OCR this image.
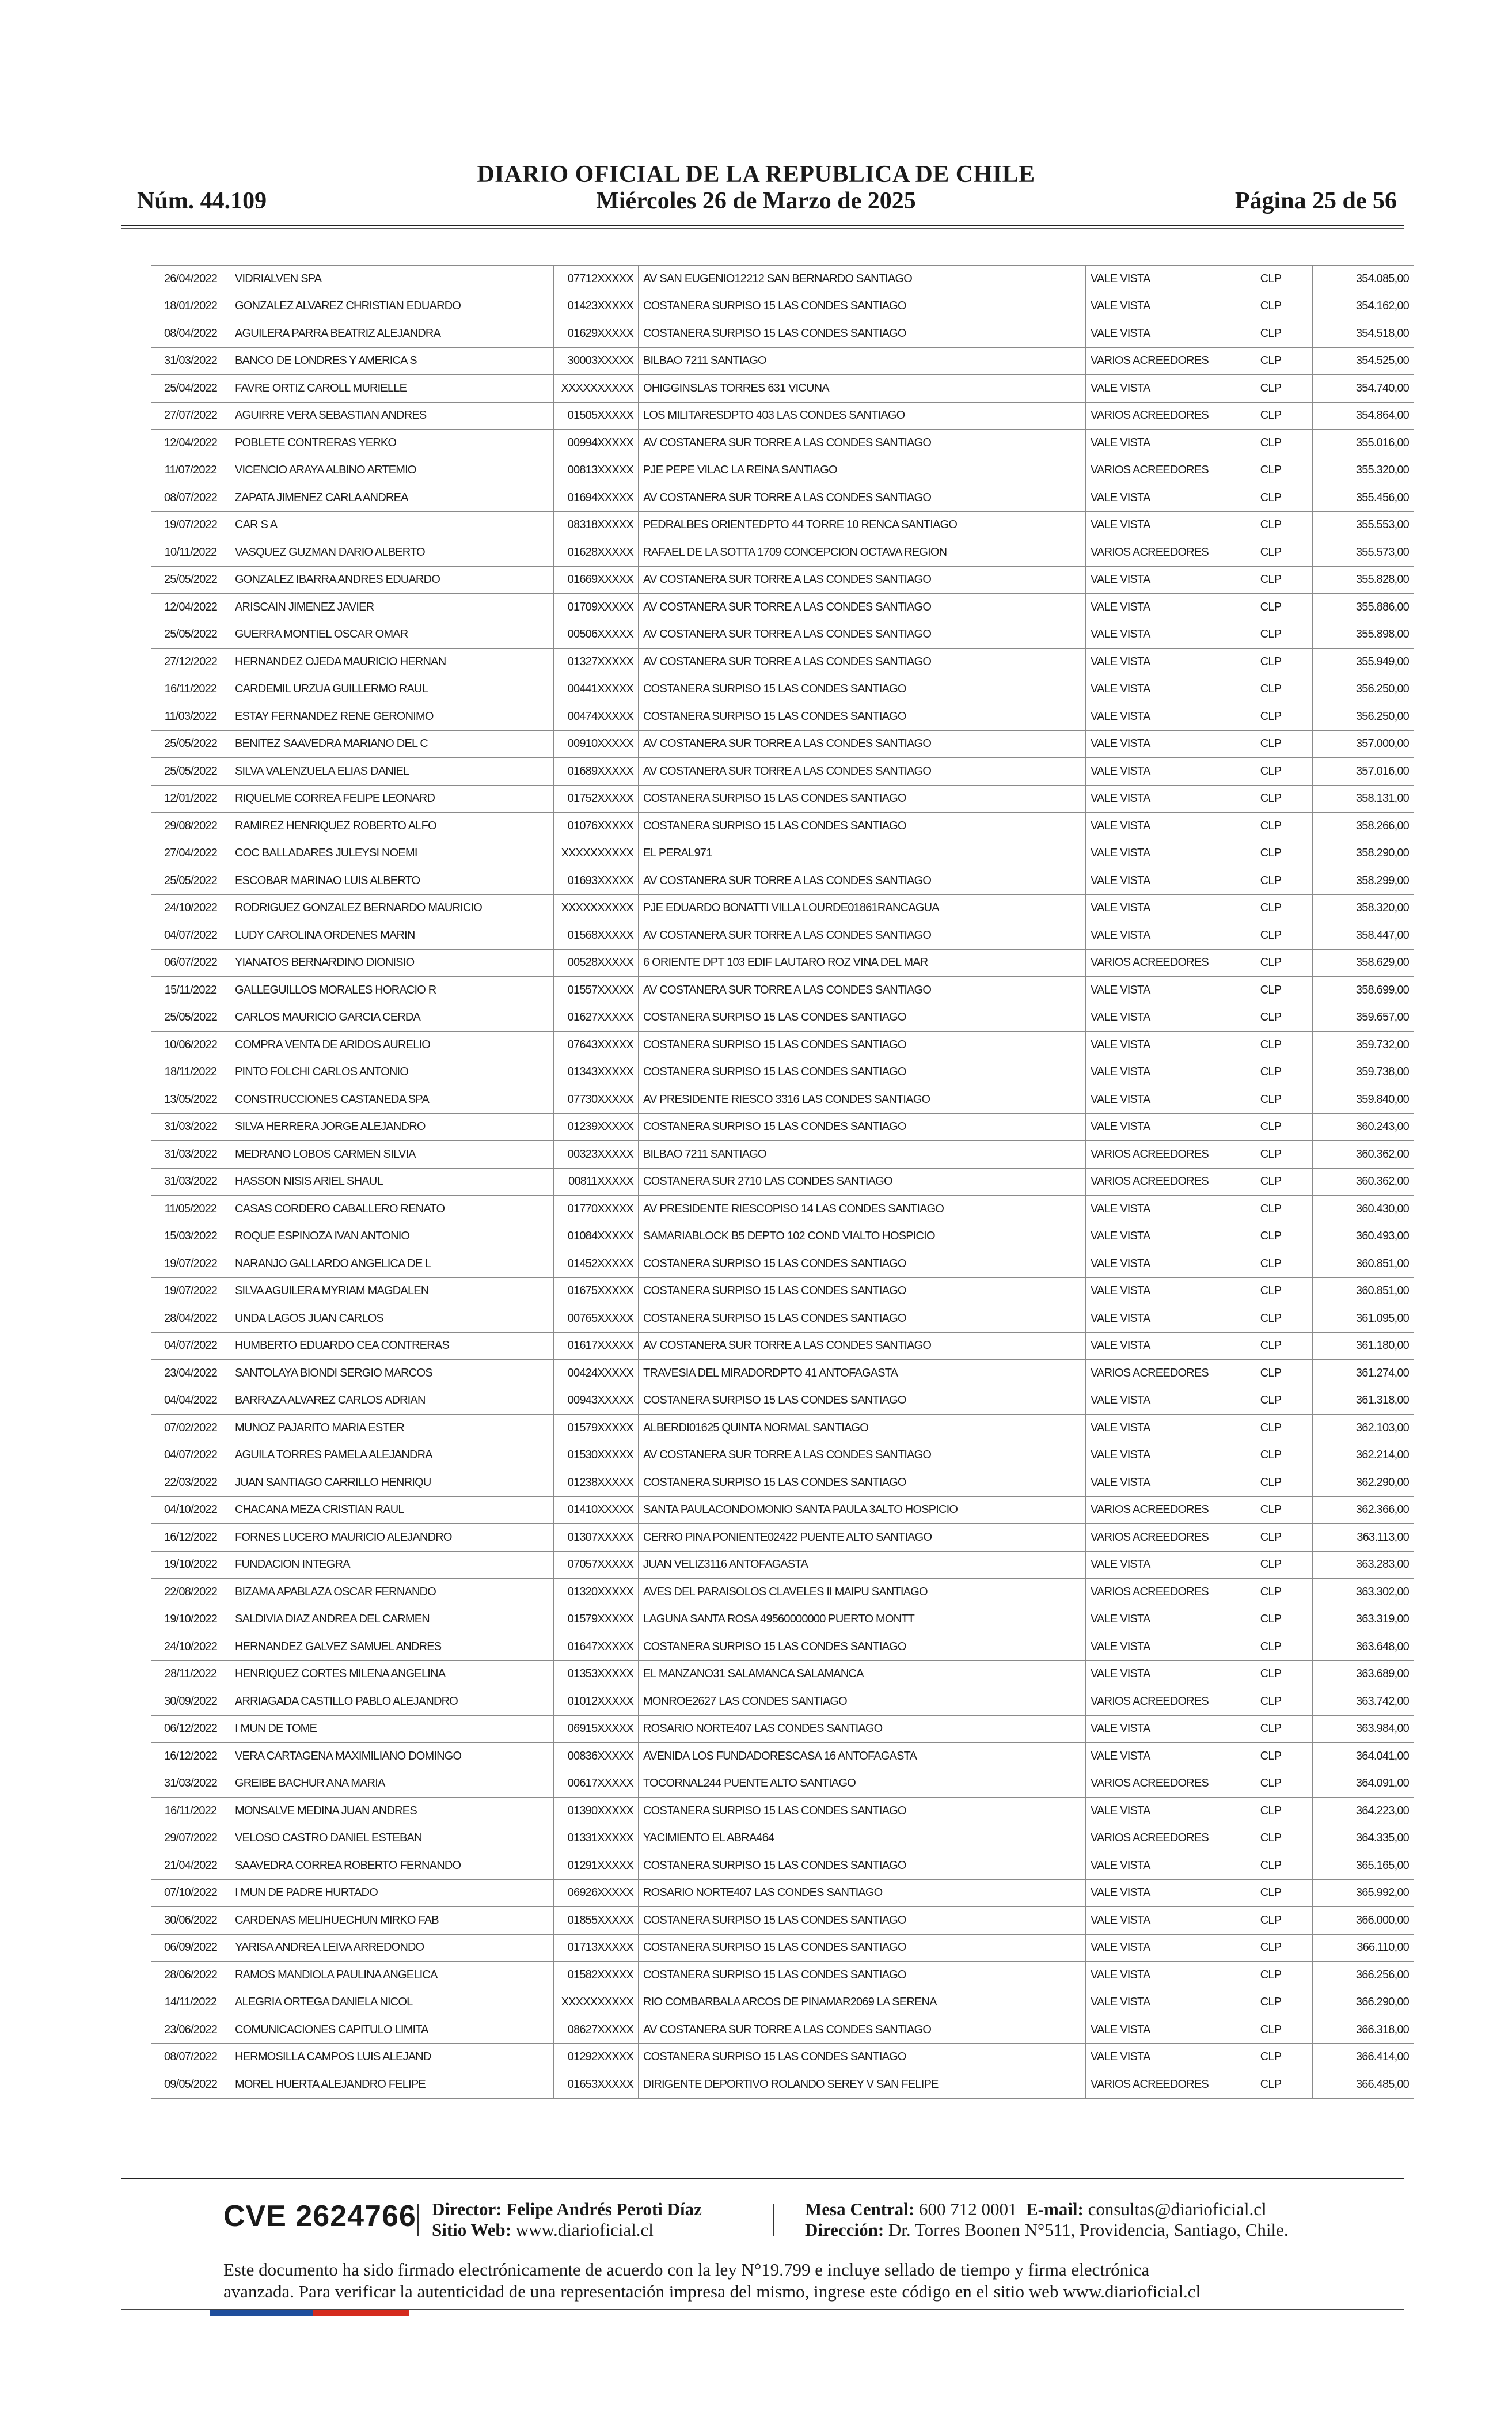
DIARIO OFICIAL DE LA REPUBLICA DE CHILE
Núm. 44.109	Miércoles 26 de Marzo de 2025	Página 25 de 56
26/04/2022	VIDRIALVEN SPA	07712XXXXX	AV SAN EUGENIO12212 SAN BERNARDO SANTIAGO	VALE VISTA	CLP	354.085,00
18/01/2022	GONZALEZ ALVAREZ CHRISTIAN EDUARDO	01423XXXXX	COSTANERA SURPISO 15 LAS CONDES SANTIAGO	VALE VISTA	CLP	354.162,00
08/04/2022	AGUILERA PARRA BEATRIZ ALEJANDRA	01629XXXXX	COSTANERA SURPISO 15 LAS CONDES SANTIAGO	VALE VISTA	CLP	354.518,00
31/03/2022	BANCO DE LONDRES Y AMERICA S	30003XXXXX	BILBAO 7211 SANTIAGO	VARIOS ACREEDORES	CLP	354.525,00
25/04/2022	FAVRE ORTIZ CAROLL MURIELLE	XXXXXXXXXX	OHIGGINSLAS TORRES 631 VICUNA	VALE VISTA	CLP	354.740,00
27/07/2022	AGUIRRE VERA SEBASTIAN ANDRES	01505XXXXX	LOS MILITARESDPTO 403 LAS CONDES SANTIAGO	VARIOS ACREEDORES	CLP	354.864,00
12/04/2022	POBLETE CONTRERAS YERKO	00994XXXXX	AV COSTANERA SUR TORRE A LAS CONDES SANTIAGO	VALE VISTA	CLP	355.016,00
11/07/2022	VICENCIO ARAYA ALBINO ARTEMIO	00813XXXXX	PJE PEPE VILAC LA REINA SANTIAGO	VARIOS ACREEDORES	CLP	355.320,00
08/07/2022	ZAPATA JIMENEZ CARLA ANDREA	01694XXXXX	AV COSTANERA SUR TORRE A LAS CONDES SANTIAGO	VALE VISTA	CLP	355.456,00
19/07/2022	CAR S A	08318XXXXX	PEDRALBES ORIENTEDPTO 44 TORRE 10 RENCA SANTIAGO	VALE VISTA	CLP	355.553,00
10/11/2022	VASQUEZ GUZMAN DARIO ALBERTO	01628XXXXX	RAFAEL DE LA SOTTA 1709 CONCEPCION OCTAVA REGION	VARIOS ACREEDORES	CLP	355.573,00
25/05/2022	GONZALEZ IBARRA ANDRES EDUARDO	01669XXXXX	AV COSTANERA SUR TORRE A LAS CONDES SANTIAGO	VALE VISTA	CLP	355.828,00
12/04/2022	ARISCAIN JIMENEZ JAVIER	01709XXXXX	AV COSTANERA SUR TORRE A LAS CONDES SANTIAGO	VALE VISTA	CLP	355.886,00
25/05/2022	GUERRA MONTIEL OSCAR OMAR	00506XXXXX	AV COSTANERA SUR TORRE A LAS CONDES SANTIAGO	VALE VISTA	CLP	355.898,00
27/12/2022	HERNANDEZ OJEDA MAURICIO HERNAN	01327XXXXX	AV COSTANERA SUR TORRE A LAS CONDES SANTIAGO	VALE VISTA	CLP	355.949,00
16/11/2022	CARDEMIL URZUA GUILLERMO RAUL	00441XXXXX	COSTANERA SURPISO 15 LAS CONDES SANTIAGO	VALE VISTA	CLP	356.250,00
11/03/2022	ESTAY FERNANDEZ RENE GERONIMO	00474XXXXX	COSTANERA SURPISO 15 LAS CONDES SANTIAGO	VALE VISTA	CLP	356.250,00
25/05/2022	BENITEZ SAAVEDRA MARIANO DEL C	00910XXXXX	AV COSTANERA SUR TORRE A LAS CONDES SANTIAGO	VALE VISTA	CLP	357.000,00
25/05/2022	SILVA VALENZUELA ELIAS DANIEL	01689XXXXX	AV COSTANERA SUR TORRE A LAS CONDES SANTIAGO	VALE VISTA	CLP	357.016,00
12/01/2022	RIQUELME CORREA FELIPE LEONARD	01752XXXXX	COSTANERA SURPISO 15 LAS CONDES SANTIAGO	VALE VISTA	CLP	358.131,00
29/08/2022	RAMIREZ HENRIQUEZ ROBERTO ALFO	01076XXXXX	COSTANERA SURPISO 15 LAS CONDES SANTIAGO	VALE VISTA	CLP	358.266,00
27/04/2022	COC BALLADARES JULEYSI NOEMI	XXXXXXXXXX	EL PERAL971	VALE VISTA	CLP	358.290,00
25/05/2022	ESCOBAR MARINAO LUIS ALBERTO	01693XXXXX	AV COSTANERA SUR TORRE A LAS CONDES SANTIAGO	VALE VISTA	CLP	358.299,00
24/10/2022	RODRIGUEZ GONZALEZ BERNARDO MAURICIO	XXXXXXXXXX	PJE EDUARDO BONATTI VILLA LOURDE01861RANCAGUA	VALE VISTA	CLP	358.320,00
04/07/2022	LUDY CAROLINA ORDENES MARIN	01568XXXXX	AV COSTANERA SUR TORRE A LAS CONDES SANTIAGO	VALE VISTA	CLP	358.447,00
06/07/2022	YIANATOS BERNARDINO DIONISIO	00528XXXXX	6 ORIENTE DPT 103 EDIF LAUTARO ROZ VINA DEL MAR	VARIOS ACREEDORES	CLP	358.629,00
15/11/2022	GALLEGUILLOS MORALES HORACIO R	01557XXXXX	AV COSTANERA SUR TORRE A LAS CONDES SANTIAGO	VALE VISTA	CLP	358.699,00
25/05/2022	CARLOS MAURICIO GARCIA CERDA	01627XXXXX	COSTANERA SURPISO 15 LAS CONDES SANTIAGO	VALE VISTA	CLP	359.657,00
10/06/2022	COMPRA VENTA DE ARIDOS AURELIO	07643XXXXX	COSTANERA SURPISO 15 LAS CONDES SANTIAGO	VALE VISTA	CLP	359.732,00
18/11/2022	PINTO FOLCHI CARLOS ANTONIO	01343XXXXX	COSTANERA SURPISO 15 LAS CONDES SANTIAGO	VALE VISTA	CLP	359.738,00
13/05/2022	CONSTRUCCIONES CASTANEDA SPA	07730XXXXX	AV PRESIDENTE RIESCO 3316 LAS CONDES SANTIAGO	VALE VISTA	CLP	359.840,00
31/03/2022	SILVA HERRERA JORGE ALEJANDRO	01239XXXXX	COSTANERA SURPISO 15 LAS CONDES SANTIAGO	VALE VISTA	CLP	360.243,00
31/03/2022	MEDRANO LOBOS CARMEN SILVIA	00323XXXXX	BILBAO 7211 SANTIAGO	VARIOS ACREEDORES	CLP	360.362,00
31/03/2022	HASSON NISIS ARIEL SHAUL	00811XXXXX	COSTANERA SUR 2710 LAS CONDES SANTIAGO	VARIOS ACREEDORES	CLP	360.362,00
11/05/2022	CASAS CORDERO CABALLERO RENATO	01770XXXXX	AV PRESIDENTE RIESCOPISO 14 LAS CONDES SANTIAGO	VALE VISTA	CLP	360.430,00
15/03/2022	ROQUE ESPINOZA IVAN ANTONIO	01084XXXXX	SAMARIABLOCK B5 DEPTO 102 COND VIALTO HOSPICIO	VALE VISTA	CLP	360.493,00
19/07/2022	NARANJO GALLARDO ANGELICA DE L	01452XXXXX	COSTANERA SURPISO 15 LAS CONDES SANTIAGO	VALE VISTA	CLP	360.851,00
19/07/2022	SILVA AGUILERA MYRIAM MAGDALEN	01675XXXXX	COSTANERA SURPISO 15 LAS CONDES SANTIAGO	VALE VISTA	CLP	360.851,00
28/04/2022	UNDA LAGOS JUAN CARLOS	00765XXXXX	COSTANERA SURPISO 15 LAS CONDES SANTIAGO	VALE VISTA	CLP	361.095,00
04/07/2022	HUMBERTO EDUARDO CEA CONTRERAS	01617XXXXX	AV COSTANERA SUR TORRE A LAS CONDES SANTIAGO	VALE VISTA	CLP	361.180,00
23/04/2022	SANTOLAYA BIONDI SERGIO MARCOS	00424XXXXX	TRAVESIA DEL MIRADORDPTO 41 ANTOFAGASTA	VARIOS ACREEDORES	CLP	361.274,00
04/04/2022	BARRAZA ALVAREZ CARLOS ADRIAN	00943XXXXX	COSTANERA SURPISO 15 LAS CONDES SANTIAGO	VALE VISTA	CLP	361.318,00
07/02/2022	MUNOZ PAJARITO MARIA ESTER	01579XXXXX	ALBERDI01625 QUINTA NORMAL SANTIAGO	VALE VISTA	CLP	362.103,00
04/07/2022	AGUILA TORRES PAMELA ALEJANDRA	01530XXXXX	AV COSTANERA SUR TORRE A LAS CONDES SANTIAGO	VALE VISTA	CLP	362.214,00
22/03/2022	JUAN SANTIAGO CARRILLO HENRIQU	01238XXXXX	COSTANERA SURPISO 15 LAS CONDES SANTIAGO	VALE VISTA	CLP	362.290,00
04/10/2022	CHACANA MEZA CRISTIAN RAUL	01410XXXXX	SANTA PAULACONDOMONIO SANTA PAULA 3ALTO HOSPICIO	VARIOS ACREEDORES	CLP	362.366,00
16/12/2022	FORNES LUCERO MAURICIO ALEJANDRO	01307XXXXX	CERRO PINA PONIENTE02422 PUENTE ALTO SANTIAGO	VARIOS ACREEDORES	CLP	363.113,00
19/10/2022	FUNDACION INTEGRA	07057XXXXX	JUAN VELIZ3116 ANTOFAGASTA	VALE VISTA	CLP	363.283,00
22/08/2022	BIZAMA APABLAZA OSCAR FERNANDO	01320XXXXX	AVES DEL PARAISOLOS CLAVELES II MAIPU SANTIAGO	VARIOS ACREEDORES	CLP	363.302,00
19/10/2022	SALDIVIA DIAZ ANDREA DEL CARMEN	01579XXXXX	LAGUNA SANTA ROSA 49560000000 PUERTO MONTT	VALE VISTA	CLP	363.319,00
24/10/2022	HERNANDEZ GALVEZ SAMUEL ANDRES	01647XXXXX	COSTANERA SURPISO 15 LAS CONDES SANTIAGO	VALE VISTA	CLP	363.648,00
28/11/2022	HENRIQUEZ CORTES MILENA ANGELINA	01353XXXXX	EL MANZANO31 SALAMANCA SALAMANCA	VALE VISTA	CLP	363.689,00
30/09/2022	ARRIAGADA CASTILLO PABLO ALEJANDRO	01012XXXXX	MONROE2627 LAS CONDES SANTIAGO	VARIOS ACREEDORES	CLP	363.742,00
06/12/2022	I MUN DE TOME	06915XXXXX	ROSARIO NORTE407 LAS CONDES SANTIAGO	VALE VISTA	CLP	363.984,00
16/12/2022	VERA CARTAGENA MAXIMILIANO DOMINGO	00836XXXXX	AVENIDA LOS FUNDADORESCASA 16 ANTOFAGASTA	VALE VISTA	CLP	364.041,00
31/03/2022	GREIBE BACHUR ANA MARIA	00617XXXXX	TOCORNAL244 PUENTE ALTO SANTIAGO	VARIOS ACREEDORES	CLP	364.091,00
16/11/2022	MONSALVE MEDINA JUAN ANDRES	01390XXXXX	COSTANERA SURPISO 15 LAS CONDES SANTIAGO	VALE VISTA	CLP	364.223,00
29/07/2022	VELOSO CASTRO DANIEL ESTEBAN	01331XXXXX	YACIMIENTO EL ABRA464	VARIOS ACREEDORES	CLP	364.335,00
21/04/2022	SAAVEDRA CORREA ROBERTO FERNANDO	01291XXXXX	COSTANERA SURPISO 15 LAS CONDES SANTIAGO	VALE VISTA	CLP	365.165,00
07/10/2022	I MUN DE PADRE HURTADO	06926XXXXX	ROSARIO NORTE407 LAS CONDES SANTIAGO	VALE VISTA	CLP	365.992,00
30/06/2022	CARDENAS MELIHUECHUN MIRKO FAB	01855XXXXX	COSTANERA SURPISO 15 LAS CONDES SANTIAGO	VALE VISTA	CLP	366.000,00
06/09/2022	YARISA ANDREA LEIVA ARREDONDO	01713XXXXX	COSTANERA SURPISO 15 LAS CONDES SANTIAGO	VALE VISTA	CLP	366.110,00
28/06/2022	RAMOS MANDIOLA PAULINA ANGELICA	01582XXXXX	COSTANERA SURPISO 15 LAS CONDES SANTIAGO	VALE VISTA	CLP	366.256,00
14/11/2022	ALEGRIA ORTEGA DANIELA NICOL	XXXXXXXXXX	RIO COMBARBALA ARCOS DE PINAMAR2069 LA SERENA	VALE VISTA	CLP	366.290,00
23/06/2022	COMUNICACIONES CAPITULO LIMITA	08627XXXXX	AV COSTANERA SUR TORRE A LAS CONDES SANTIAGO	VALE VISTA	CLP	366.318,00
08/07/2022	HERMOSILLA CAMPOS LUIS ALEJAND	01292XXXXX	COSTANERA SURPISO 15 LAS CONDES SANTIAGO	VALE VISTA	CLP	366.414,00
09/05/2022	MOREL HUERTA ALEJANDRO FELIPE	01653XXXXX	DIRIGENTE DEPORTIVO ROLANDO SEREY V SAN FELIPE	VARIOS ACREEDORES	CLP	366.485,00
CVE 2624766 Director: Felipe Andrés Peroti Díaz
Sitio Web: www.diarioficial.cl
Mesa Central: 600 712 0001 E-mail: consultas@diarioficial.cl
Dirección: Dr. Torres Boonen N°511, Providencia, Santiago, Chile.
Este documento ha sido firmado electrónicamente de acuerdo con la ley N°19.799 e incluye sellado de tiempo y firma electrónica
avanzada. Para verificar la autenticidad de una representación impresa del mismo, ingrese este código en el sitio web www.diarioficial.cl
